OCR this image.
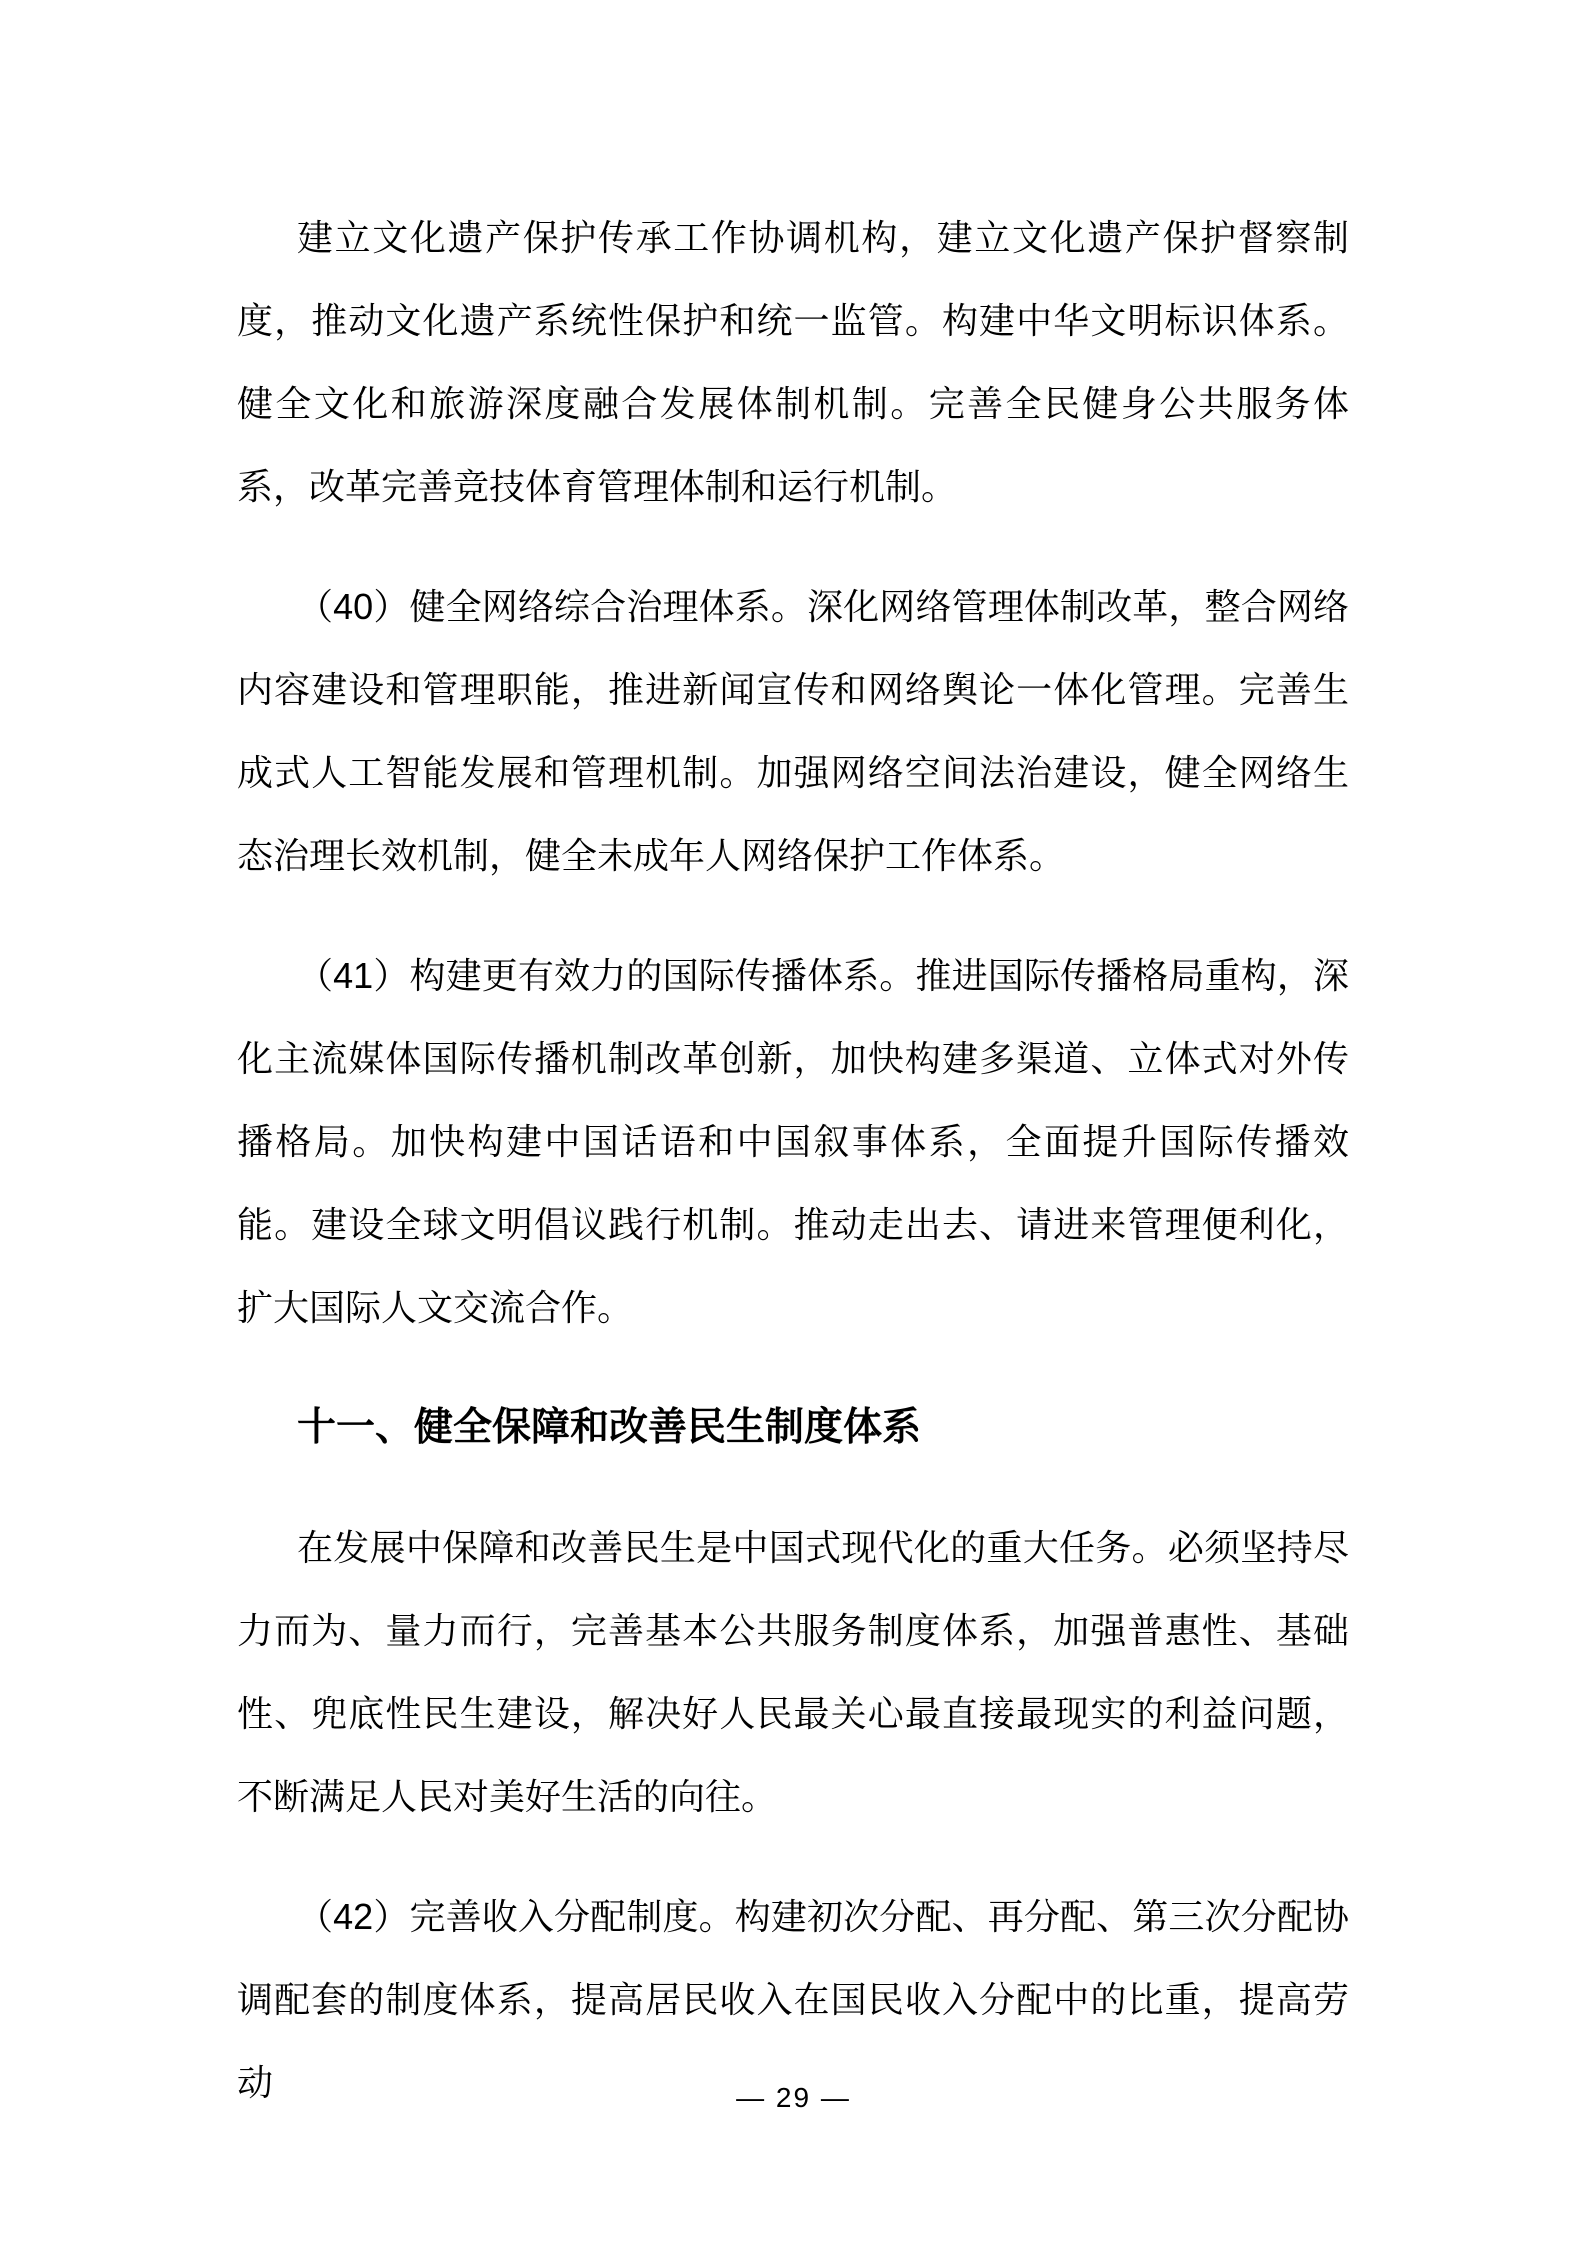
建立文化遗产保护传承工作协调机构，建立文化遗产保护督察制度，推动文化遗产系统性保护和统一监管。构建中华文明标识体系。健全文化和旅游深度融合发展体制机制。完善全民健身公共服务体系，改革完善竞技体育管理体制和运行机制。

（40）健全网络综合治理体系。深化网络管理体制改革，整合网络内容建设和管理职能，推进新闻宣传和网络舆论一体化管理。完善生成式人工智能发展和管理机制。加强网络空间法治建设，健全网络生态治理长效机制，健全未成年人网络保护工作体系。

（41）构建更有效力的国际传播体系。推进国际传播格局重构，深化主流媒体国际传播机制改革创新，加快构建多渠道、立体式对外传播格局。加快构建中国话语和中国叙事体系，全面提升国际传播效能。建设全球文明倡议践行机制。推动走出去、请进来管理便利化，扩大国际人文交流合作。

十一、健全保障和改善民生制度体系

在发展中保障和改善民生是中国式现代化的重大任务。必须坚持尽力而为、量力而行，完善基本公共服务制度体系，加强普惠性、基础性、兜底性民生建设，解决好人民最关心最直接最现实的利益问题，不断满足人民对美好生活的向往。

（42）完善收入分配制度。构建初次分配、再分配、第三次分配协调配套的制度体系，提高居民收入在国民收入分配中的比重，提高劳动	— 29 —
